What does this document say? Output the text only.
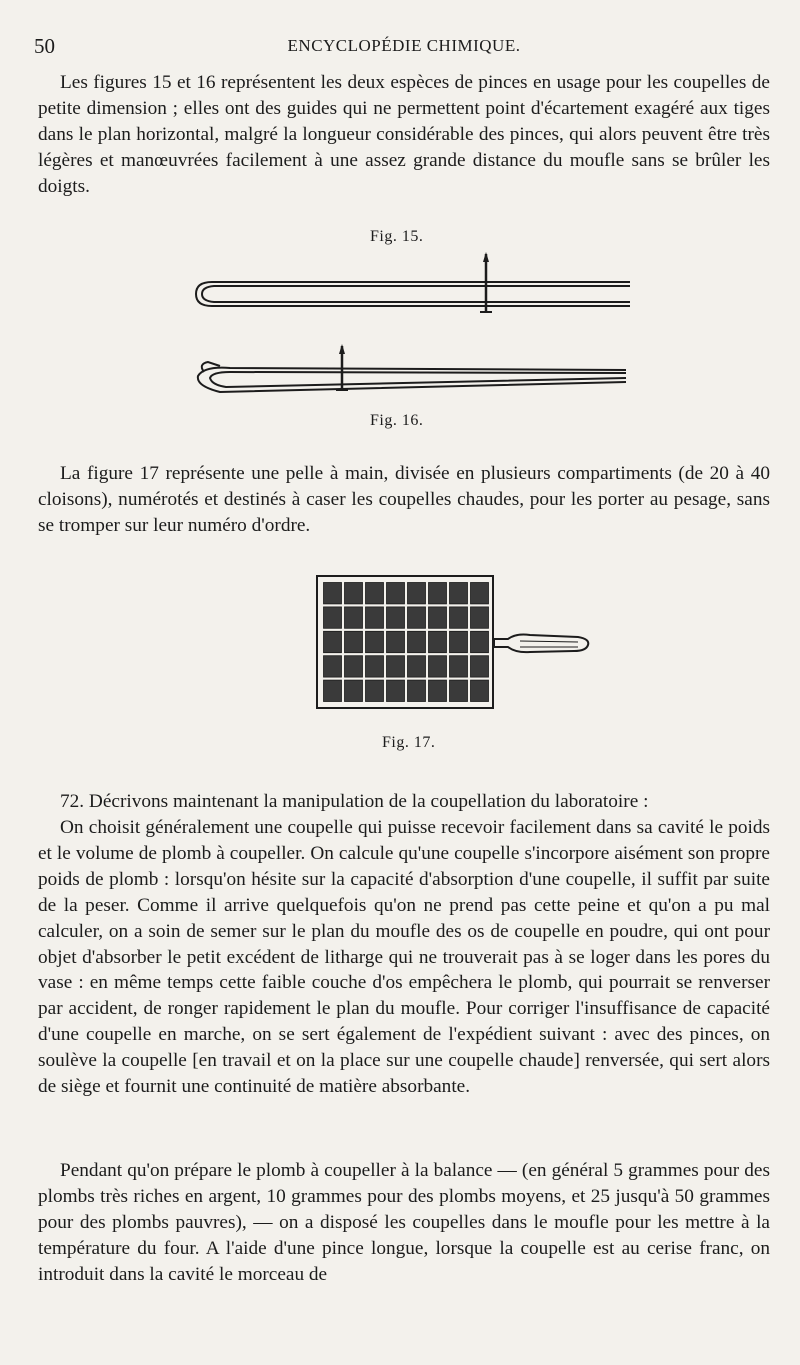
50	ENCYCLOPÉDIE CHIMIQUE.

Les figures 15 et 16 représentent les deux espèces de pinces en usage pour les coupelles de petite dimension ; elles ont des guides qui ne permettent point d'écartement exagéré aux tiges dans le plan horizontal, malgré la longueur considérable des pinces, qui alors peuvent être très légères et manœuvrées facilement à une assez grande distance du moufle sans se brûler les doigts.

Fig. 15.
Fig. 16.

La figure 17 représente une pelle à main, divisée en plusieurs compartiments (de 20 à 40 cloisons), numérotés et destinés à caser les coupelles chaudes, pour les porter au pesage, sans se tromper sur leur numéro d'ordre.

Fig. 17.

72. Décrivons maintenant la manipulation de la coupellation du laboratoire :

On choisit généralement une coupelle qui puisse recevoir facilement dans sa cavité le poids et le volume de plomb à coupeller. On calcule qu'une coupelle s'incorpore aisément son propre poids de plomb : lorsqu'on hésite sur la capacité d'absorption d'une coupelle, il suffit par suite de la peser. Comme il arrive quelquefois qu'on ne prend pas cette peine et qu'on a pu mal calculer, on a soin de semer sur le plan du moufle des os de coupelle en poudre, qui ont pour objet d'absorber le petit excédent de litharge qui ne trouverait pas à se loger dans les pores du vase : en même temps cette faible couche d'os empêchera le plomb, qui pourrait se renverser par accident, de ronger rapidement le plan du moufle. Pour corriger l'insuffisance de capacité d'une coupelle en marche, on se sert également de l'expédient suivant : avec des pinces, on soulève la coupelle [en travail et on la place sur une coupelle chaude] renversée, qui sert alors de siège et fournit une continuité de matière absorbante.

Pendant qu'on prépare le plomb à coupeller à la balance — (en général 5 grammes pour des plombs très riches en argent, 10 grammes pour des plombs moyens, et 25 jusqu'à 50 grammes pour des plombs pauvres), — on a disposé les coupelles dans le moufle pour les mettre à la température du four. A l'aide d'une pince longue, lorsque la coupelle est au cerise franc, on introduit dans la cavité le morceau de
